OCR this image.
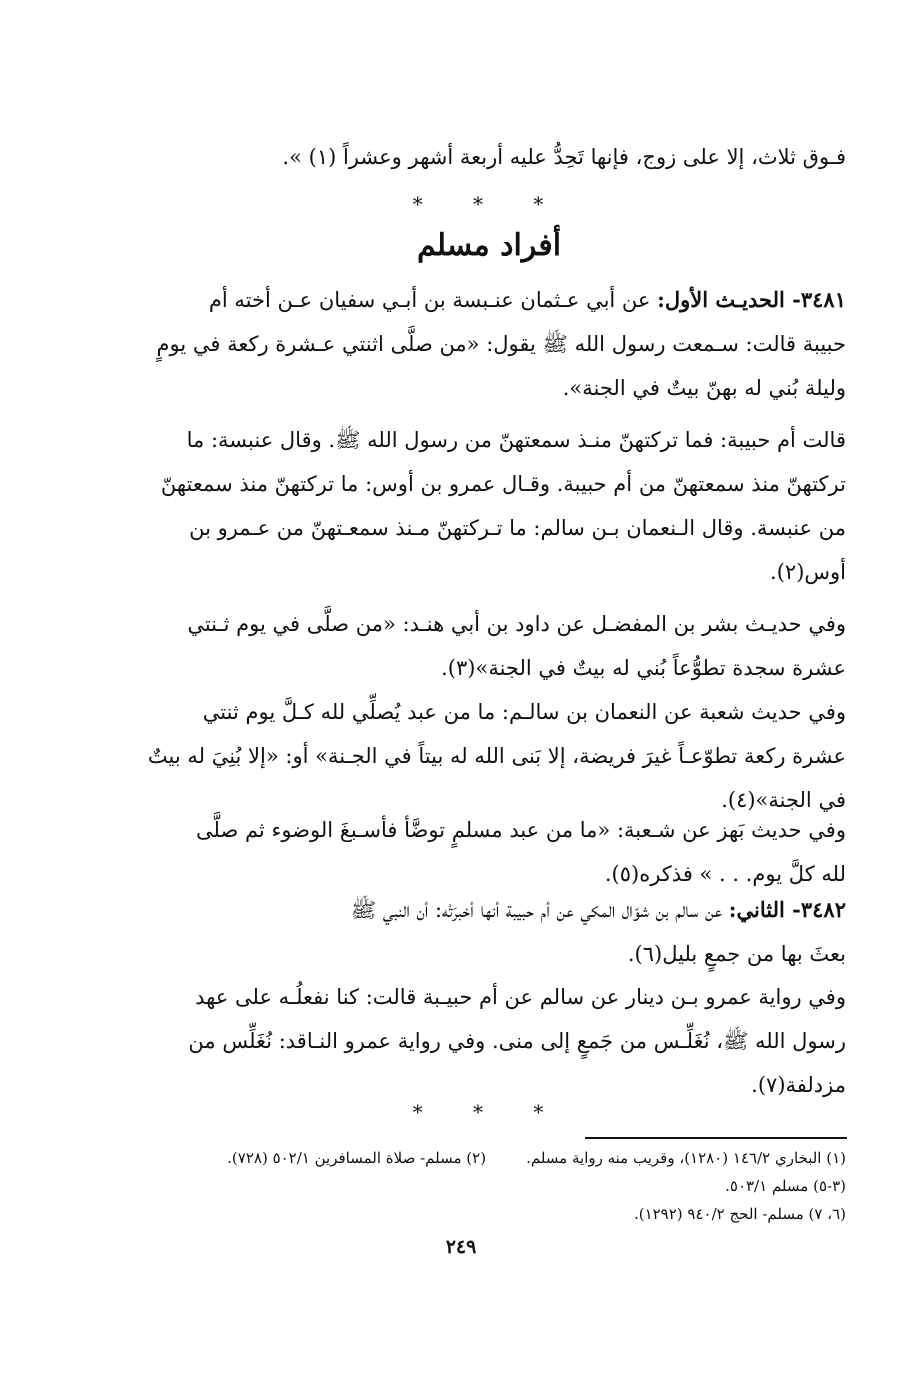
فـوق ثلاث، إلا على زوج، فإنها تَحِدُّ عليه أربعة أشهر وعشراً (١) ».
* * *
أفراد مسلم
٣٤٨١- الحديـث الأول: عن أبي عـثمان عنـبسة بن أبـي سفيان عـن أخته أم
حبيبة قالت: سـمعت رسول الله ﷺ يقول: «من صلَّى اثنتي عـشرة ركعة في يومٍ
وليلة بُني له بهنّ بيتٌ في الجنة».
قالت أم حبيبة: فما تركتهنّ منـذ سمعتهنّ من رسول الله ﷺ. وقال عنبسة: ما
تركتهنّ منذ سمعتهنّ من أم حبيبة. وقـال عمرو بن أوس: ما تركتهنّ منذ سمعتهنّ
من عنبسة. وقال الـنعمان بـن سالم: ما تـركتهنّ مـنذ سمعـتهنّ من عـمرو بن
أوس(٢).
وفي حديـث بشر بن المفضـل عن داود بن أبي هنـد: «من صلَّى في يوم ثـنتي
عشرة سجدة تطوُّعاً بُني له بيتٌ في الجنة»(٣).
وفي حديث شعبة عن النعمان بن سالـم: ما من عبد يُصلِّي لله كـلَّ يوم ثنتي
عشرة ركعة تطوّعـاً غيرَ فريضة، إلا بَنى الله له بيتاً في الجـنة» أو: «إلا بُنِيَ له بيتٌ
في الجنة»(٤).
وفي حديث بَهز عن شـعبة: «ما من عبد مسلمٍ توضَّأ فأسـبغَ الوضوء ثم صلَّى
لله كلَّ يوم. . . » فذكره(٥).
٣٤٨٢- الثاني: عن سالم بن شوّال المكي عن أم حبيبة أنها أخبرَتْه: أن النبي ﷺ
بعثَ بها من جمعٍ بليل(٦).
وفي رواية عمرو بـن دينار عن سالم عن أم حبيـبة قالت: كنا نفعلُـه على عهد
رسول الله ﷺ، نُغَلِّـس من جَمعٍ إلى منى. وفي رواية عمرو النـاقد: نُغَلِّس من
مزدلفة(٧).
* * *
(١) البخاري ١٤٦/٢ (١٢٨٠)، وقريب منه رواية مسلم.
(٢) مسلم- صلاة المسافرين ٥٠٢/١ (٧٢٨).
(٣-٥) مسلم ٥٠٣/١.
(٦، ٧) مسلم- الحج ٩٤٠/٢ (١٢٩٢).
٢٤٩
